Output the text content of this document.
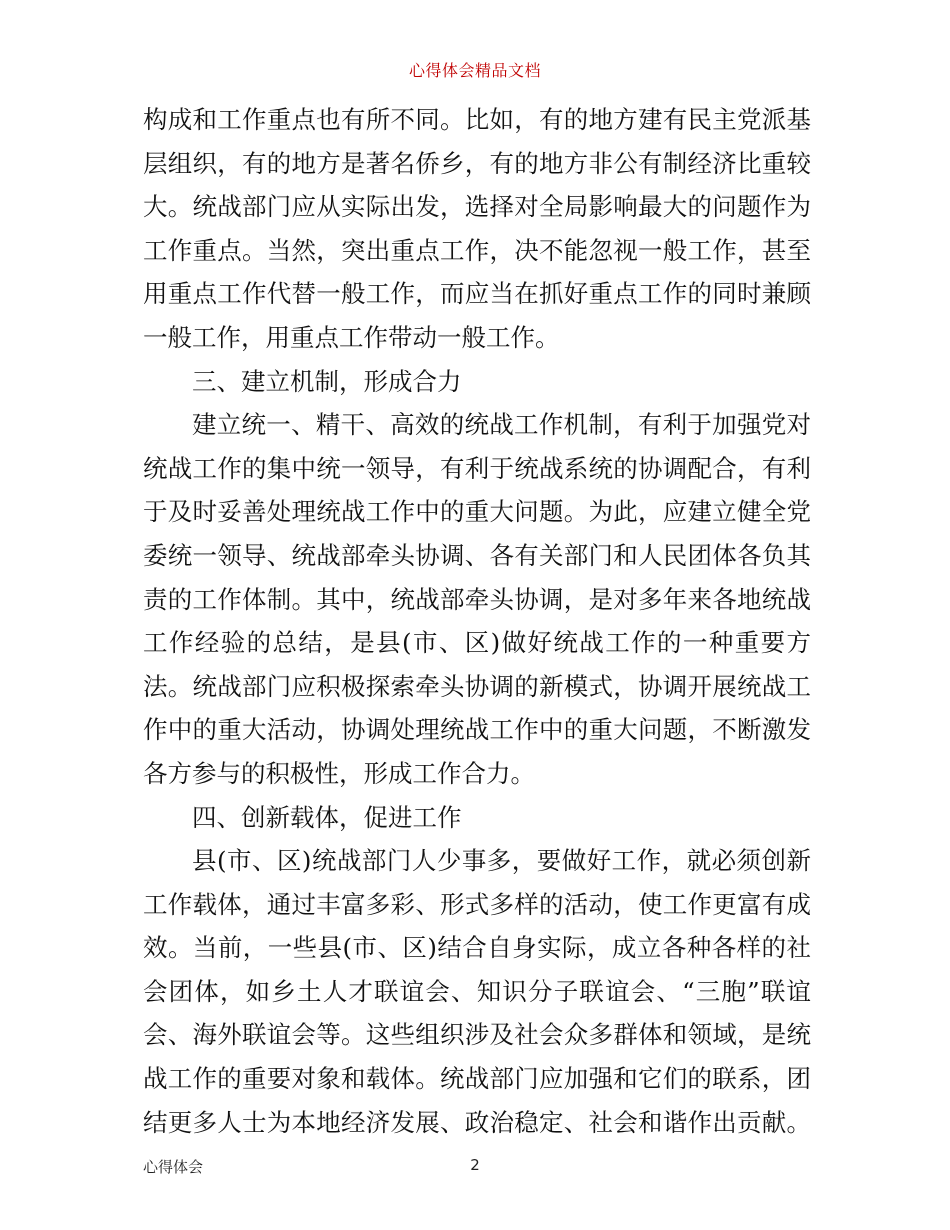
心得体会精品文档
构成和工作重点也有所不同。比如，有的地方建有民主党派基
层组织，有的地方是著名侨乡，有的地方非公有制经济比重较
大。统战部门应从实际出发，选择对全局影响最大的问题作为
工作重点。当然，突出重点工作，决不能忽视一般工作，甚至
用重点工作代替一般工作，而应当在抓好重点工作的同时兼顾
一般工作，用重点工作带动一般工作。
三、建立机制，形成合力
建立统一、精干、高效的统战工作机制，有利于加强党对
统战工作的集中统一领导，有利于统战系统的协调配合，有利
于及时妥善处理统战工作中的重大问题。为此，应建立健全党
委统一领导、统战部牵头协调、各有关部门和人民团体各负其
责的工作体制。其中，统战部牵头协调，是对多年来各地统战
工作经验的总结，是县(市、区)做好统战工作的一种重要方
法。统战部门应积极探索牵头协调的新模式，协调开展统战工
作中的重大活动，协调处理统战工作中的重大问题，不断激发
各方参与的积极性，形成工作合力。
四、创新载体，促进工作
县(市、区)统战部门人少事多，要做好工作，就必须创新
工作载体，通过丰富多彩、形式多样的活动，使工作更富有成
效。当前，一些县(市、区)结合自身实际，成立各种各样的社
会团体，如乡土人才联谊会、知识分子联谊会、“三胞”联谊
会、海外联谊会等。这些组织涉及社会众多群体和领域，是统
战工作的重要对象和载体。统战部门应加强和它们的联系，团
结更多人士为本地经济发展、政治稳定、社会和谐作出贡献。
心得体会	2
